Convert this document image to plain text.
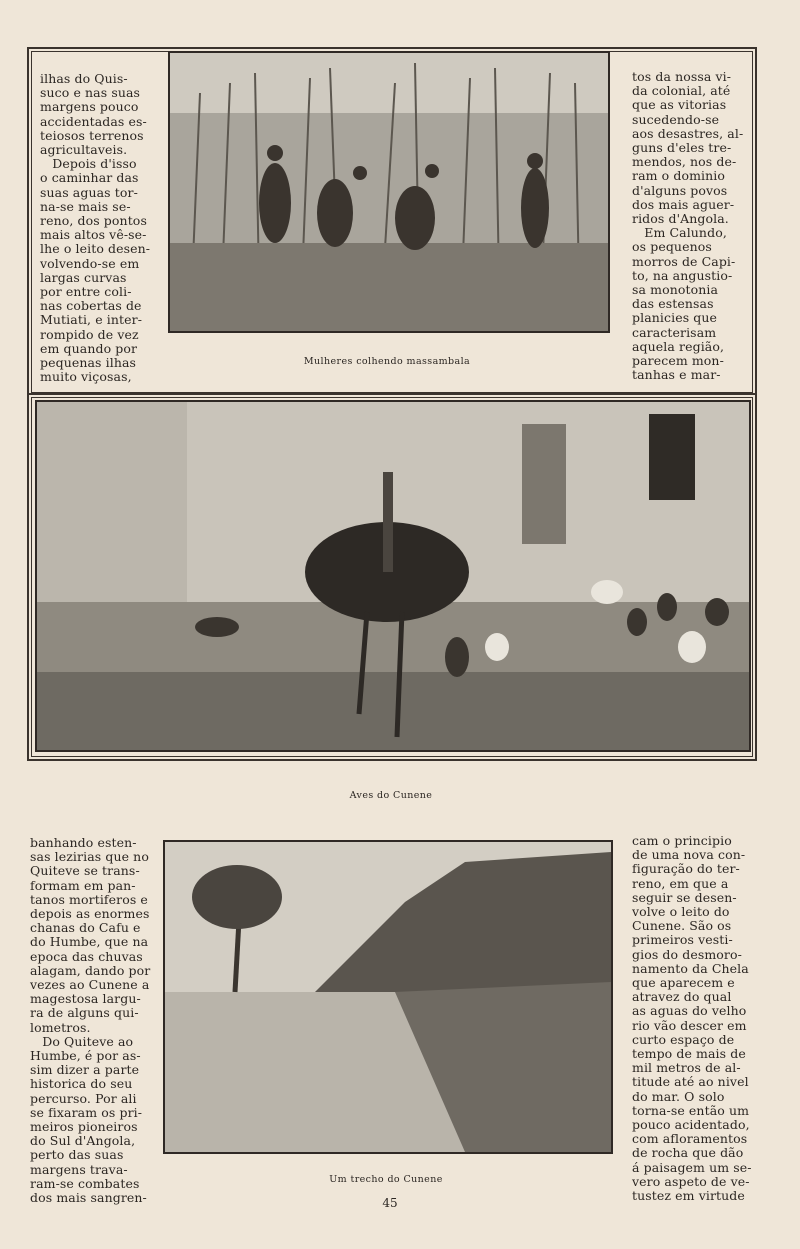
ilhas do Quis-
suco e nas suas
margens pouco
accidentadas es-
teiosos terrenos
agricultaveis.
Depois d'isso
o caminhar das
suas aguas tor-
na-se mais se-
reno, dos pontos
mais altos vê-se-
lhe o leito desen-
volvendo-se em
largas curvas
por entre coli-
nas cobertas de
Mutiati, e inter-
rompido de vez
em quando por
pequenas ilhas
muito viçosas,
Mulheres colhendo massambala
tos da nossa vi-
da colonial, até
que as vitorias
sucedendo-se
aos desastres, al-
guns d'eles tre-
mendos, nos de-
ram o dominio
d'alguns povos
dos mais aguer-
ridos d'Angola.
Em Calundo,
os pequenos
morros de Capi-
to, na angustio-
sa monotonia
das estensas
planicies que
caracterisam
aquela região,
parecem mon-
tanhas e mar-
Aves do Cunene
banhando esten-
sas lezirias que no
Quiteve se trans-
formam em pan-
tanos mortiferos e
depois as enormes
chanas do Cafu e
do Humbe, que na
epoca das chuvas
alagam, dando por
vezes ao Cunene a
magestosa largu-
ra de alguns qui-
lometros.
Do Quiteve ao
Humbe, é por as-
sim dizer a parte
historica do seu
percurso. Por ali
se fixaram os pri-
meiros pioneiros
do Sul d'Angola,
perto das suas
margens trava-
ram-se combates
dos mais sangren-
Um trecho do Cunene
cam o principio
de uma nova con-
figuração do ter-
reno, em que a
seguir se desen-
volve o leito do
Cunene. São os
primeiros vesti-
gios do desmoro-
namento da Chela
que aparecem e
atravez do qual
as aguas do velho
rio vão descer em
curto espaço de
tempo de mais de
mil metros de al-
titude até ao nivel
do mar. O solo
torna-se então um
pouco acidentado,
com afloramentos
de rocha que dão
á paisagem um se-
vero aspeto de ve-
tustez em virtude
45
